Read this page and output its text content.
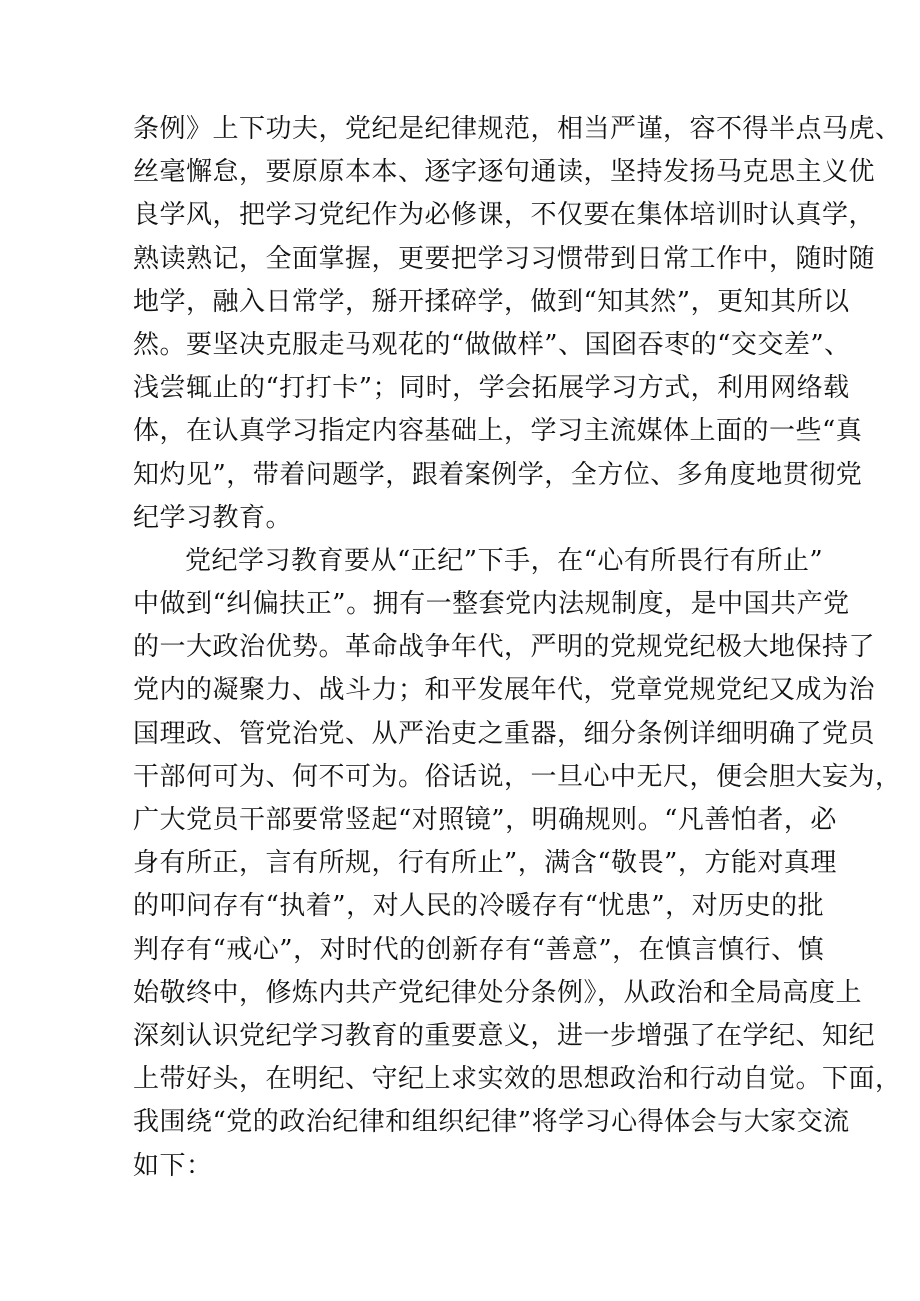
条例》上下功夫，党纪是纪律规范，相当严谨，容不得半点马虎、
丝毫懈怠，要原原本本、逐字逐句通读，坚持发扬马克思主义优
良学风，把学习党纪作为必修课，不仅要在集体培训时认真学，
熟读熟记，全面掌握，更要把学习习惯带到日常工作中，随时随
地学，融入日常学，掰开揉碎学，做到“知其然”，更知其所以
然。要坚决克服走马观花的“做做样”、国囵吞枣的“交交差”、
浅尝辄止的“打打卡”；同时，学会拓展学习方式，利用网络载
体，在认真学习指定内容基础上，学习主流媒体上面的一些“真
知灼见”，带着问题学，跟着案例学，全方位、多角度地贯彻党
纪学习教育。
党纪学习教育要从“正纪”下手，在“心有所畏行有所止”
中做到“纠偏扶正”。拥有一整套党内法规制度，是中国共产党
的一大政治优势。革命战争年代，严明的党规党纪极大地保持了
党内的凝聚力、战斗力；和平发展年代，党章党规党纪又成为治
国理政、管党治党、从严治吏之重器，细分条例详细明确了党员
干部何可为、何不可为。俗话说，一旦心中无尺，便会胆大妄为，
广大党员干部要常竖起“对照镜”，明确规则。“凡善怕者，必
身有所正，言有所规，行有所止”，满含“敬畏”，方能对真理
的叩问存有“执着”，对人民的冷暖存有“忧患”，对历史的批
判存有“戒心”，对时代的创新存有“善意”，在慎言慎行、慎
始敬终中，修炼内共产党纪律处分条例》，从政治和全局高度上
深刻认识党纪学习教育的重要意义，进一步增强了在学纪、知纪
上带好头，在明纪、守纪上求实效的思想政治和行动自觉。下面，
我围绕“党的政治纪律和组织纪律”将学习心得体会与大家交流
如下：
